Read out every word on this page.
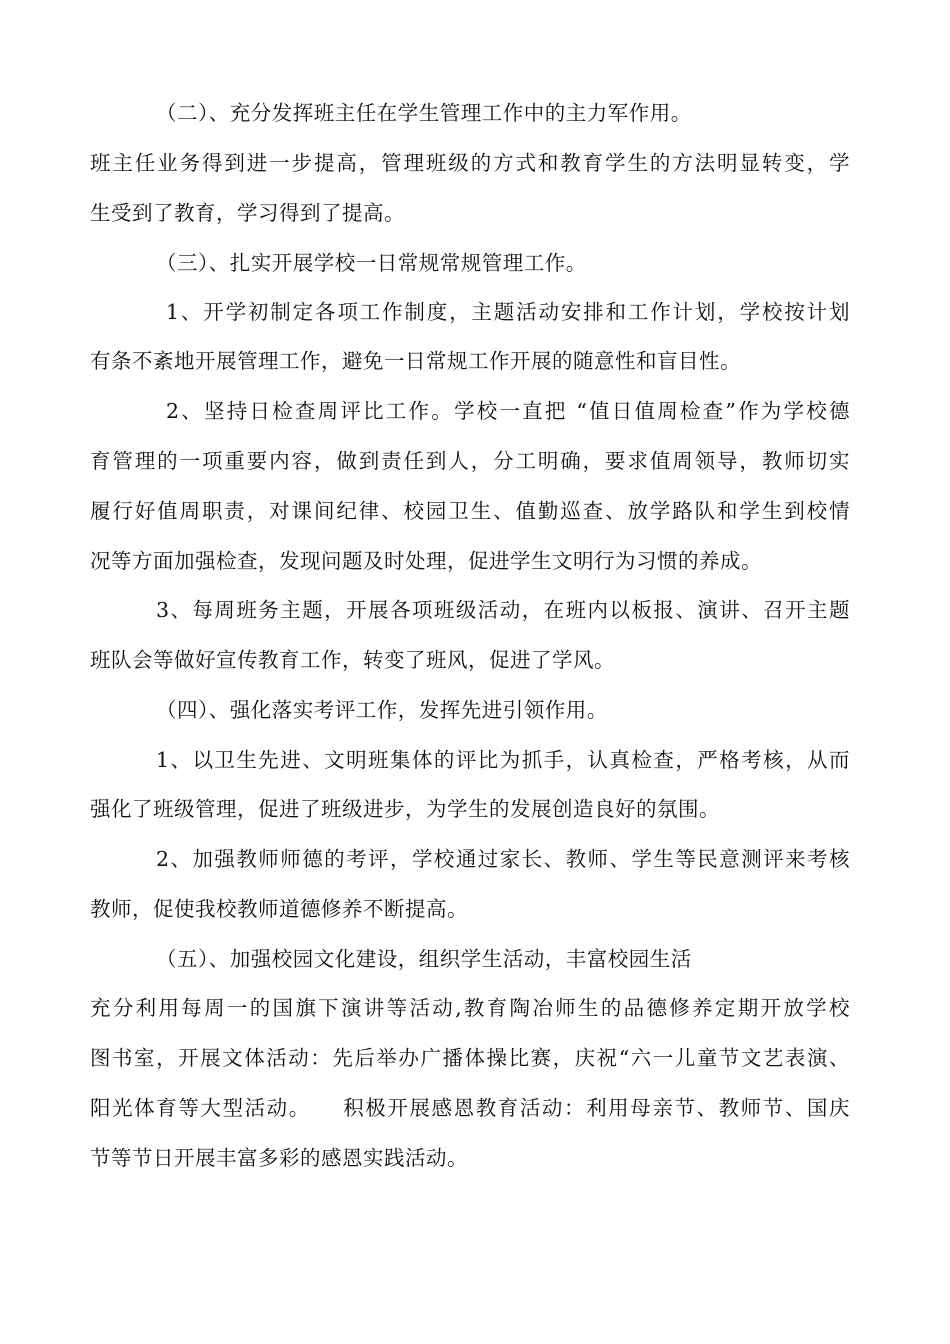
（二）、充分发挥班主任在学生管理工作中的主力军作用。
班主任业务得到进一步提高，管理班级的方式和教育学生的方法明显转变，学
生受到了教育，学习得到了提高。
（三）、扎实开展学校一日常规常规管理工作。
1、开学初制定各项工作制度，主题活动安排和工作计划，学校按计划
有条不紊地开展管理工作，避免一日常规工作开展的随意性和盲目性。
2、坚持日检查周评比工作。学校一直把 “值日值周检查”作为学校德
育管理的一项重要内容，做到责任到人，分工明确，要求值周领导，教师切实
履行好值周职责，对课间纪律、校园卫生、值勤巡查、放学路队和学生到校情
况等方面加强检查，发现问题及时处理，促进学生文明行为习惯的养成。
3、每周班务主题，开展各项班级活动，在班内以板报、演讲、召开主题
班队会等做好宣传教育工作，转变了班风，促进了学风。
（四）、强化落实考评工作，发挥先进引领作用。
1、以卫生先进、文明班集体的评比为抓手，认真检查，严格考核，从而
强化了班级管理，促进了班级进步，为学生的发展创造良好的氛围。
2、加强教师师德的考评，学校通过家长、教师、学生等民意测评来考核
教师，促使我校教师道德修养不断提高。
（五）、加强校园文化建设，组织学生活动，丰富校园生活
充分利用每周一的国旗下演讲等活动,教育陶冶师生的品德修养定期开放学校
图书室，开展文体活动：先后举办广播体操比赛，庆祝“六一儿童节文艺表演、
阳光体育等大型活动。    积极开展感恩教育活动：利用母亲节、教师节、国庆
节等节日开展丰富多彩的感恩实践活动。
